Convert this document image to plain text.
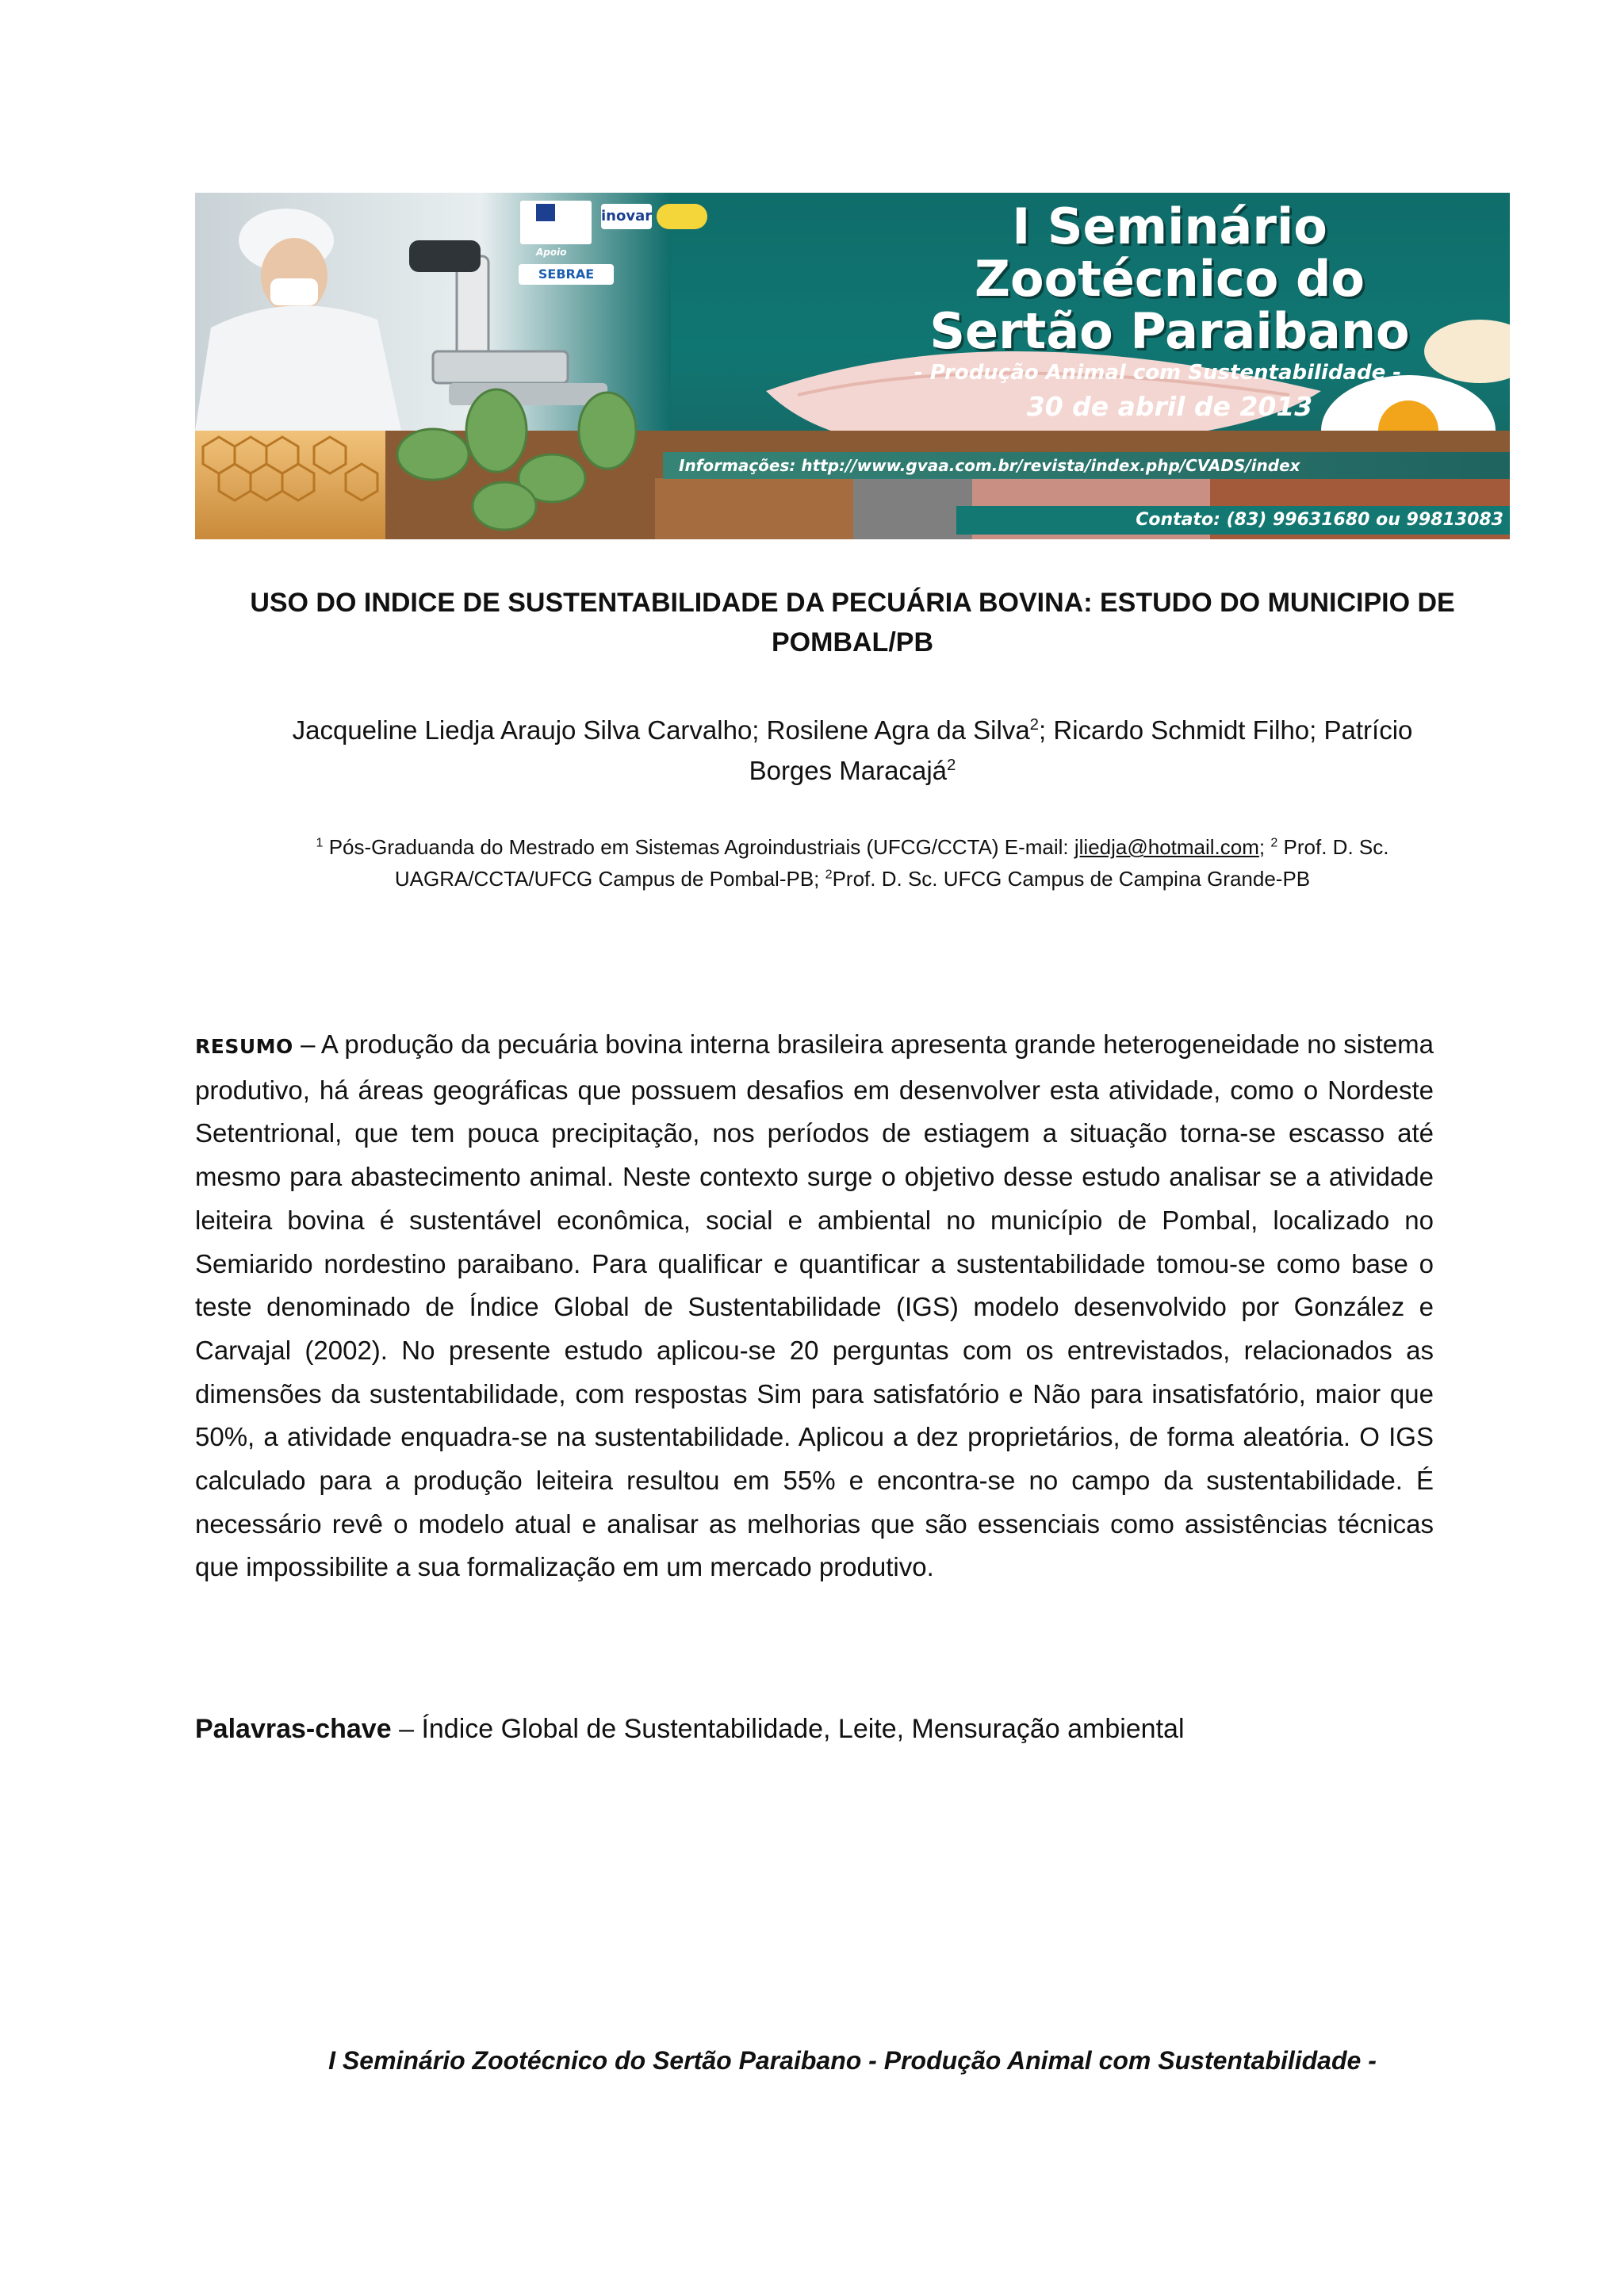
inovar
Apoio
SEBRAE
I Seminário
Zootécnico do
Sertão Paraibano
- Produção Animal com Sustentabilidade -
30 de abril de 2013
Informações: http://www.gvaa.com.br/revista/index.php/CVADS/index
Contato: (83) 99631680 ou 99813083
USO DO INDICE DE SUSTENTABILIDADE DA PECUÁRIA BOVINA: ESTUDO DO MUNICIPIO DE
POMBAL/PB
Jacqueline Liedja Araujo Silva Carvalho; Rosilene Agra da Silva$^2$; Ricardo Schmidt Filho; Patrício
Borges Maracajá$^2$
$^1$ Pós-Graduanda do Mestrado em Sistemas Agroindustriais (UFCG/CCTA) E-mail: jliedja@hotmail.com; $^2$ Prof. D. Sc.
UAGRA/CCTA/UFCG Campus de Pombal-PB; $^2$Prof. D. Sc. UFCG Campus de Campina Grande-PB
RESUMO – A produção da pecuária bovina interna brasileira apresenta grande heterogeneidade no sistema produtivo, há áreas geográficas que possuem desafios em desenvolver esta atividade, como o Nordeste Setentrional, que tem pouca precipitação, nos períodos de estiagem a situação torna-se escasso até mesmo para abastecimento animal. Neste contexto surge o objetivo desse estudo analisar se a atividade leiteira bovina é sustentável econômica, social e ambiental no município de Pombal, localizado no Semiarido nordestino paraibano. Para qualificar e quantificar a sustentabilidade tomou-se como base o teste denominado de Índice Global de Sustentabilidade (IGS) modelo desenvolvido por González e Carvajal (2002). No presente estudo aplicou-se 20 perguntas com os entrevistados, relacionados as dimensões da sustentabilidade, com respostas Sim para satisfatório e Não para insatisfatório, maior que 50%, a atividade enquadra-se na sustentabilidade. Aplicou a dez proprietários, de forma aleatória. O IGS calculado para a produção leiteira resultou em 55% e encontra-se no campo da sustentabilidade. É necessário revê o modelo atual e analisar as melhorias que são essenciais como assistências técnicas que impossibilite a sua formalização em um mercado produtivo.
Palavras-chave – Índice Global de Sustentabilidade, Leite, Mensuração ambiental
I Seminário Zootécnico do Sertão Paraibano - Produção Animal com Sustentabilidade -
